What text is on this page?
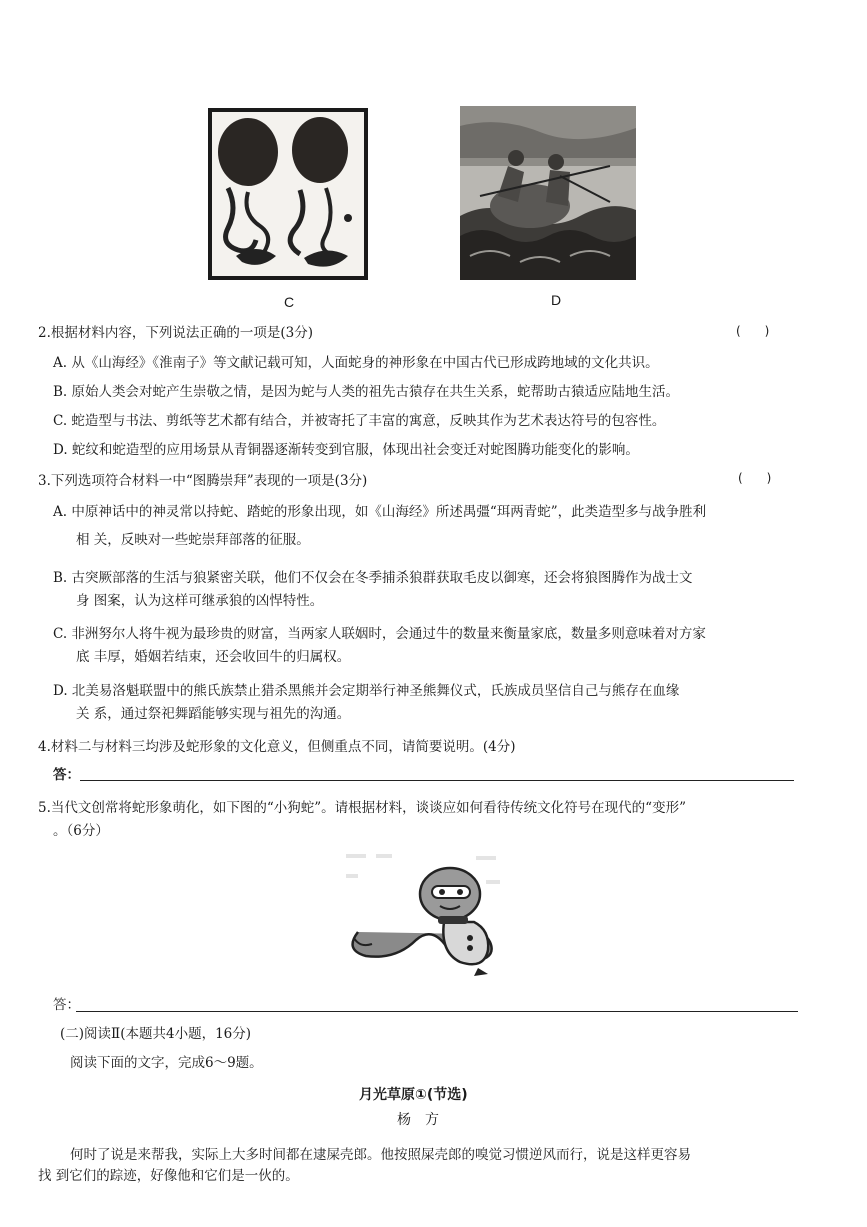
C	D
2.根据材料内容，下列说法正确的一项是(3分)	(　　)
A. 从《山海经》《淮南子》等文献记载可知，人面蛇身的神形象在中国古代已形成跨地域的文化共识。
B. 原始人类会对蛇产生崇敬之情，是因为蛇与人类的祖先古猿存在共生关系，蛇帮助古猿适应陆地生活。
C. 蛇造型与书法、剪纸等艺术都有结合，并被寄托了丰富的寓意，反映其作为艺术表达符号的包容性。
D. 蛇纹和蛇造型的应用场景从青铜器逐渐转变到官服，体现出社会变迁对蛇图腾功能变化的影响。
3.下列选项符合材料一中“图腾崇拜”表现的一项是(3分)	(　　)
A. 中原神话中的神灵常以持蛇、踏蛇的形象出现，如《山海经》所述禺彊“珥两青蛇”，此类造型多与战争胜利
相 关，反映对一些蛇崇拜部落的征服。
B. 古突厥部落的生活与狼紧密关联，他们不仅会在冬季捕杀狼群获取毛皮以御寒，还会将狼图腾作为战士文
身 图案，认为这样可继承狼的凶悍特性。
C. 非洲努尔人将牛视为最珍贵的财富，当两家人联姻时，会通过牛的数量来衡量家底，数量多则意味着对方家
底 丰厚，婚姻若结束，还会收回牛的归属权。
D. 北美易洛魁联盟中的熊氏族禁止猎杀黑熊并会定期举行神圣熊舞仪式，氏族成员坚信自己与熊存在血缘
关 系，通过祭祀舞蹈能够实现与祖先的沟通。
4.材料二与材料三均涉及蛇形象的文化意义，但侧重点不同，请简要说明。(4分)
答：
5.当代文创常将蛇形象萌化，如下图的“小狗蛇”。请根据材料，谈谈应如何看待传统文化符号在现代的“变形”
。（6分）
答：
(二)阅读Ⅱ(本题共4小题，16分)
阅读下面的文字，完成6～9题。
月光草原①(节选)
杨　方
何时了说是来帮我，实际上大多时间都在逮屎壳郎。他按照屎壳郎的嗅觉习惯逆风而行，说是这样更容易
找 到它们的踪迹，好像他和它们是一伙的。
